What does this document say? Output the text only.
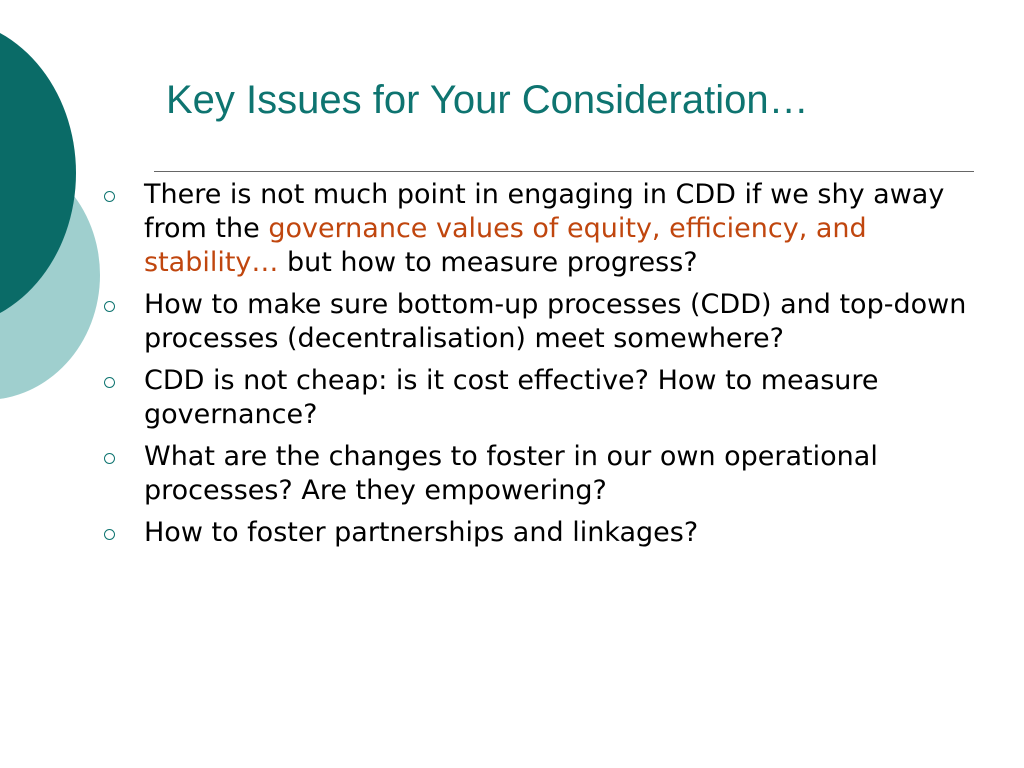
Key Issues for Your Consideration…
There is not much point in engaging in CDD if we shy away from the governance values of equity, efficiency, and stability… but how to measure progress?
How to make sure bottom-up processes (CDD) and top-down processes (decentralisation) meet somewhere?
CDD is not cheap: is it cost effective? How to measure governance?
What are the changes to foster in our own operational processes? Are they empowering?
How to foster partnerships and linkages?
